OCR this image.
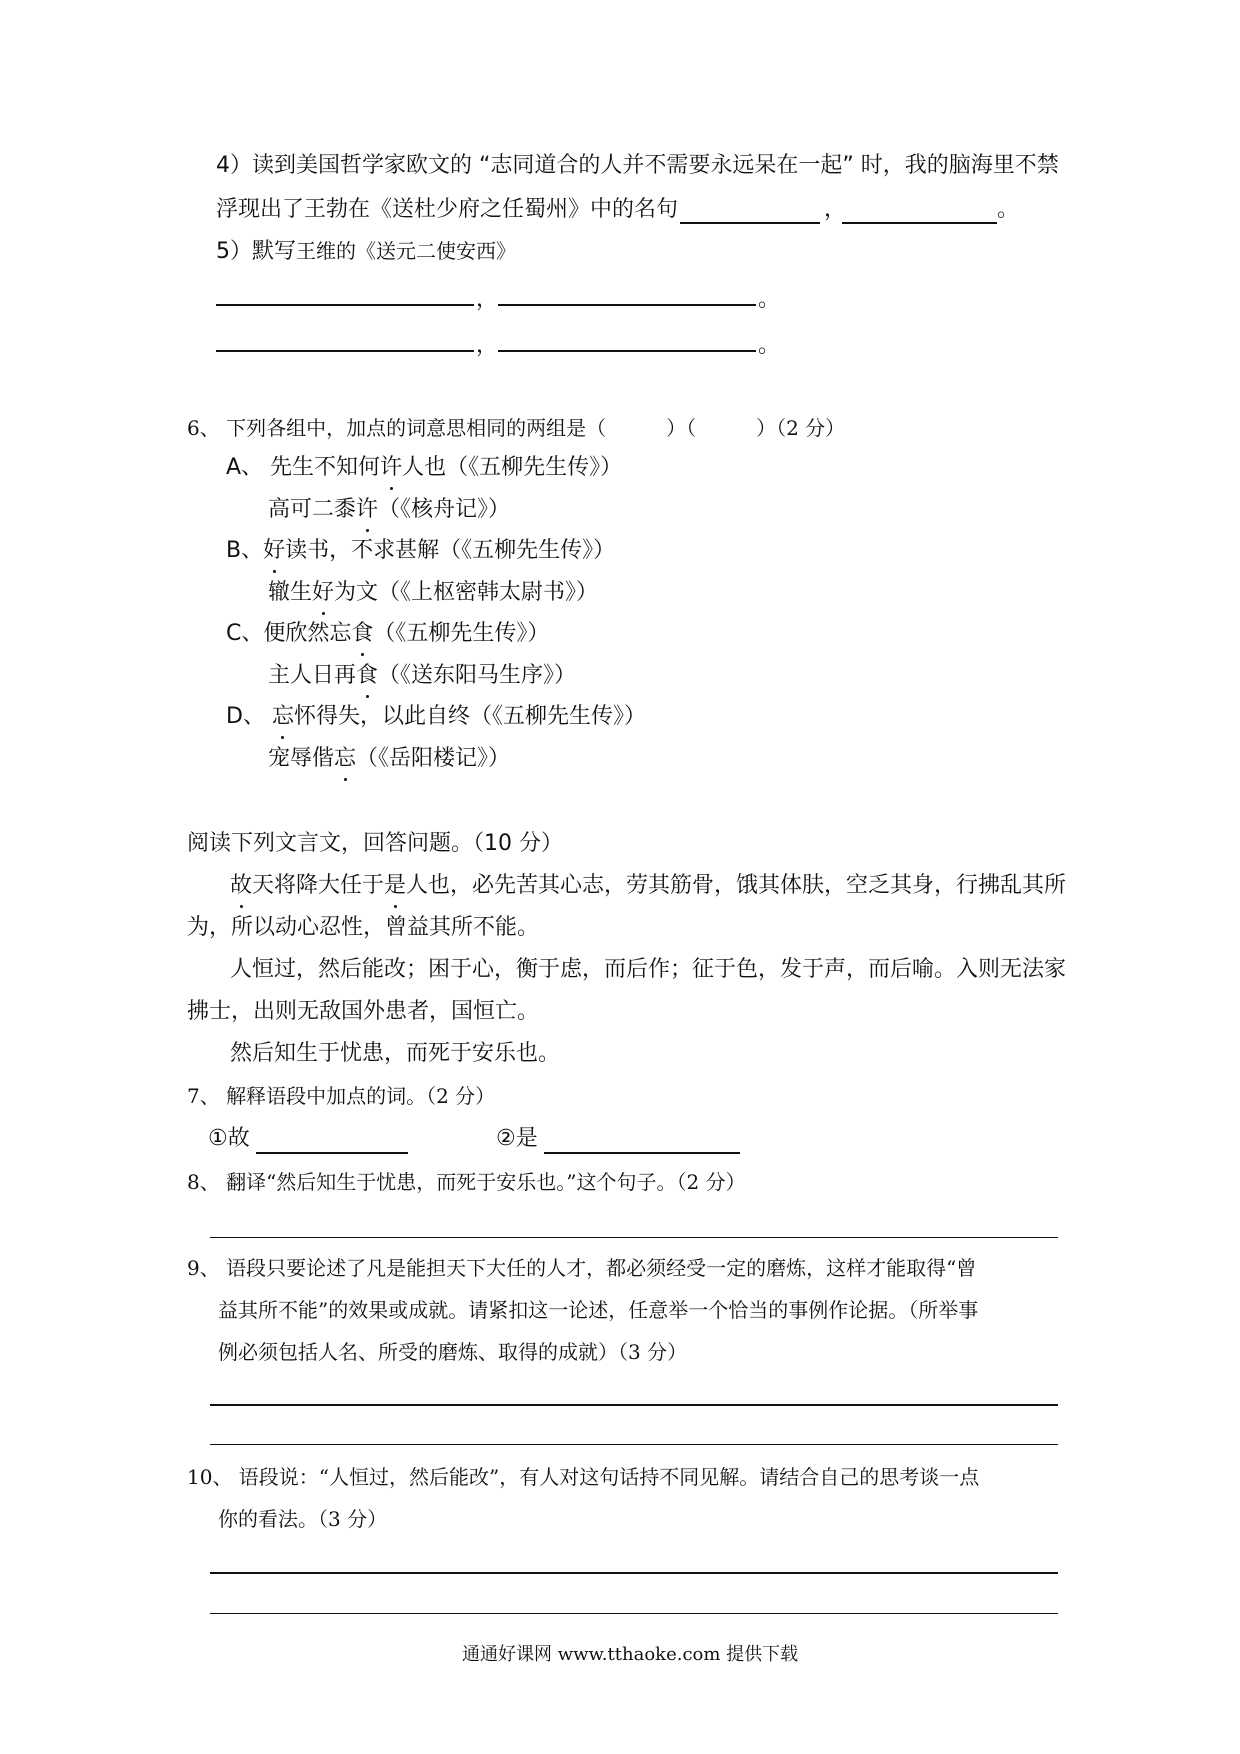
4）读到美国哲学家欧文的 “志同道合的人并不需要永远呆在一起” 时，我的脑海里不禁
浮现出了王勃在《送杜少府之任蜀州》中的名句	，	。
5）默写王维的《送元二使安西》
，	。
，	。
6、 下列各组中，加点的词意思相同的两组是（　　　）（　　　）（2 分）
A、 先生不知何许人也（《五柳先生传》）
高可二黍许（《核舟记》）
B、好读书，不求甚解（《五柳先生传》）
辙生好为文（《上枢密韩太尉书》）
C、便欣然忘食（《五柳先生传》）
主人日再食（《送东阳马生序》）
D、 忘怀得失，以此自终（《五柳先生传》）
宠辱偕忘（《岳阳楼记》）
阅读下列文言文，回答问题。（10 分）
故天将降大任于是人也，必先苦其心志，劳其筋骨，饿其体肤，空乏其身，行拂乱其所
为，所以动心忍性，曾益其所不能。
人恒过，然后能改；困于心，衡于虑，而后作；征于色，发于声，而后喻。入则无法家
拂士，出则无敌国外患者，国恒亡。
然后知生于忧患，而死于安乐也。
7、 解释语段中加点的词。（2 分）
①故	②是
8、 翻译“然后知生于忧患，而死于安乐也。”这个句子。（2 分）
9、 语段只要论述了凡是能担天下大任的人才，都必须经受一定的磨炼，这样才能取得“曾
益其所不能”的效果或成就。请紧扣这一论述，任意举一个恰当的事例作论据。（所举事
例必须包括人名、所受的磨炼、取得的成就）（3 分）
10、 语段说：“人恒过，然后能改”，有人对这句话持不同见解。请结合自己的思考谈一点
你的看法。（3 分）
通通好课网 www.tthaoke.com 提供下载
